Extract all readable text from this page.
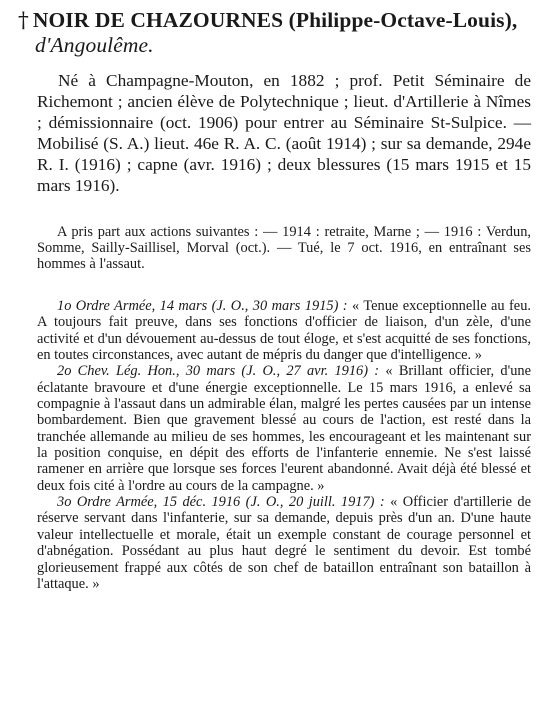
† NOIR DE CHAZOURNES (Philippe-Octave-Louis),
d'Angoulême.

Né à Champagne-Mouton, en 1882 ; prof. Petit Séminaire de Richemont ; ancien élève de Polytechnique ; lieut. d'Artillerie à Nîmes ; démissionnaire (oct. 1906) pour entrer au Séminaire St-Sulpice. — Mobilisé (S. A.) lieut. 46e R. A. C. (août 1914) ; sur sa demande, 294e R. I. (1916) ; capne (avr. 1916) ; deux blessures (15 mars 1915 et 15 mars 1916).

A pris part aux actions suivantes : — 1914 : retraite, Marne ; — 1916 : Verdun, Somme, Sailly-Saillisel, Morval (oct.). — Tué, le 7 oct. 1916, en entraînant ses hommes à l'assaut.

1o Ordre Armée, 14 mars (J. O., 30 mars 1915) : « Tenue exceptionnelle au feu. A toujours fait preuve, dans ses fonctions d'officier de liaison, d'un zèle, d'une activité et d'un dévouement au-dessus de tout éloge, et s'est acquitté de ses fonctions, en toutes circonstances, avec autant de mépris du danger que d'intelligence. »

2o Chev. Lég. Hon., 30 mars (J. O., 27 avr. 1916) : « Brillant officier, d'une éclatante bravoure et d'une énergie exceptionnelle. Le 15 mars 1916, a enlevé sa compagnie à l'assaut dans un admirable élan, malgré les pertes causées par un intense bombardement. Bien que gravement blessé au cours de l'action, est resté dans la tranchée allemande au milieu de ses hommes, les encourageant et les maintenant sur la position conquise, en dépit des efforts de l'infanterie ennemie. Ne s'est laissé ramener en arrière que lorsque ses forces l'eurent abandonné. Avait déjà été blessé et deux fois cité à l'ordre au cours de la campagne. »

3o Ordre Armée, 15 déc. 1916 (J. O., 20 juill. 1917) : « Officier d'artillerie de réserve servant dans l'infanterie, sur sa demande, depuis près d'un an. D'une haute valeur intellectuelle et morale, était un exemple constant de courage personnel et d'abnégation. Possédant au plus haut degré le sentiment du devoir. Est tombé glorieusement frappé aux côtés de son chef de bataillon entraînant son bataillon à l'attaque. »
